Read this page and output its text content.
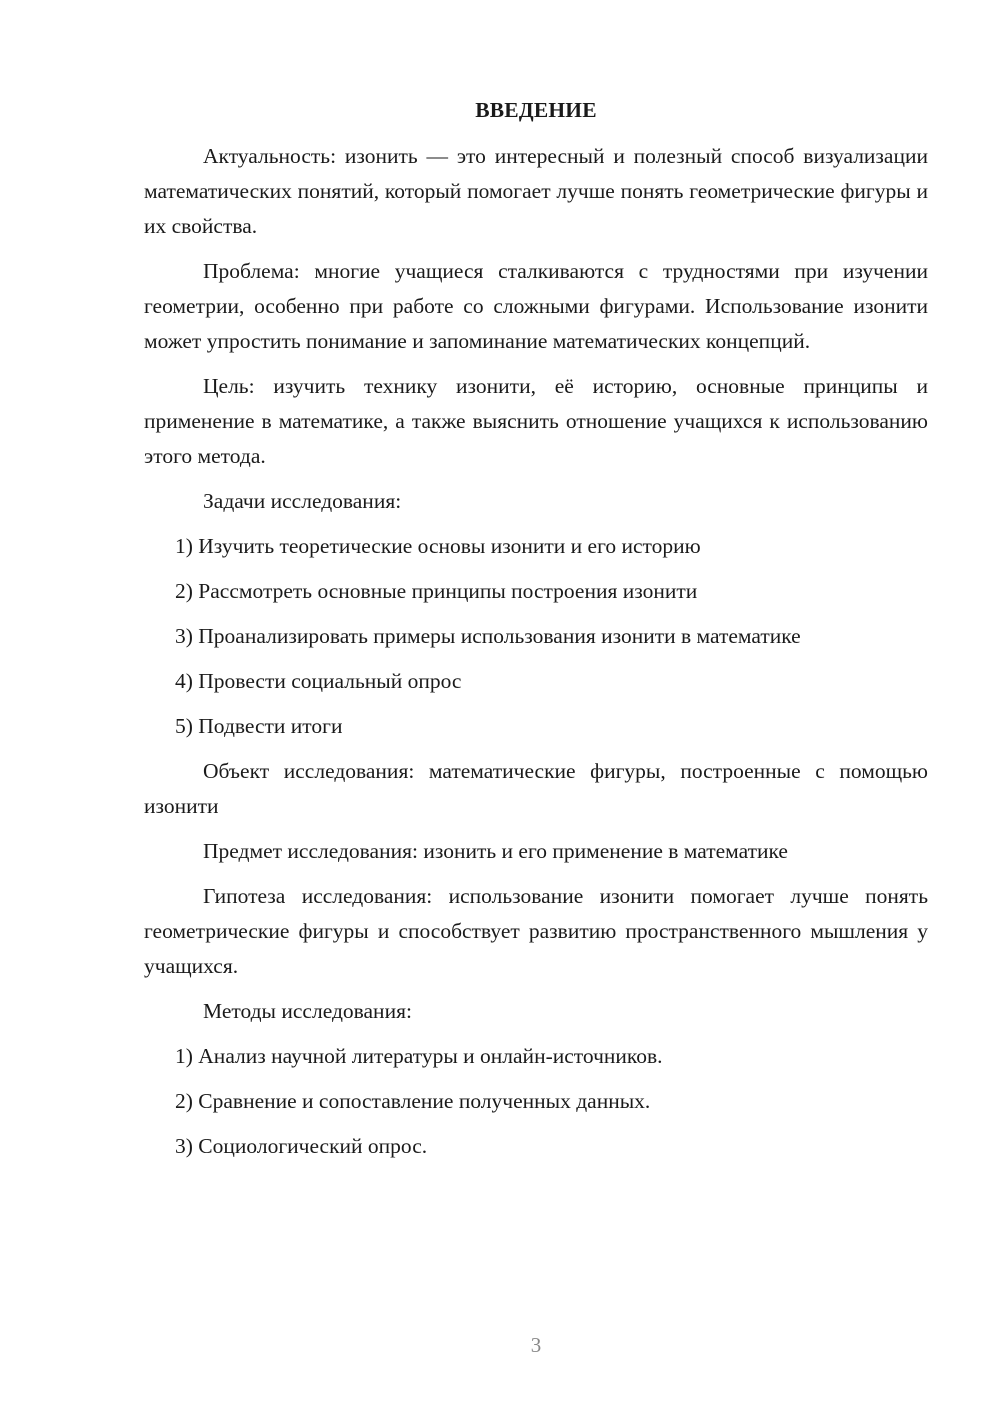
ВВЕДЕНИЕ

Актуальность: изонить — это интересный и полезный способ визуализации математических понятий, который помогает лучше понять геометрические фигуры и их свойства.

Проблема: многие учащиеся сталкиваются с трудностями при изучении геометрии, особенно при работе со сложными фигурами. Использование изонити может упростить понимание и запоминание математических концепций.

Цель: изучить технику изонити, её историю, основные принципы и применение в математике, а также выяснить отношение учащихся к использованию этого метода.

Задачи исследования:
1) Изучить теоретические основы изонити и его историю
2) Рассмотреть основные принципы построения изонити
3) Проанализировать примеры использования изонити в математике
4) Провести социальный опрос
5) Подвести итоги

Объект исследования: математические фигуры, построенные с помощью изонити

Предмет исследования: изонить и его применение в математике

Гипотеза исследования: использование изонити помогает лучше понять геометрические фигуры и способствует развитию пространственного мышления у учащихся.

Методы исследования:
1) Анализ научной литературы и онлайн-источников.
2) Сравнение и сопоставление полученных данных.
3) Социологический опрос.
3
